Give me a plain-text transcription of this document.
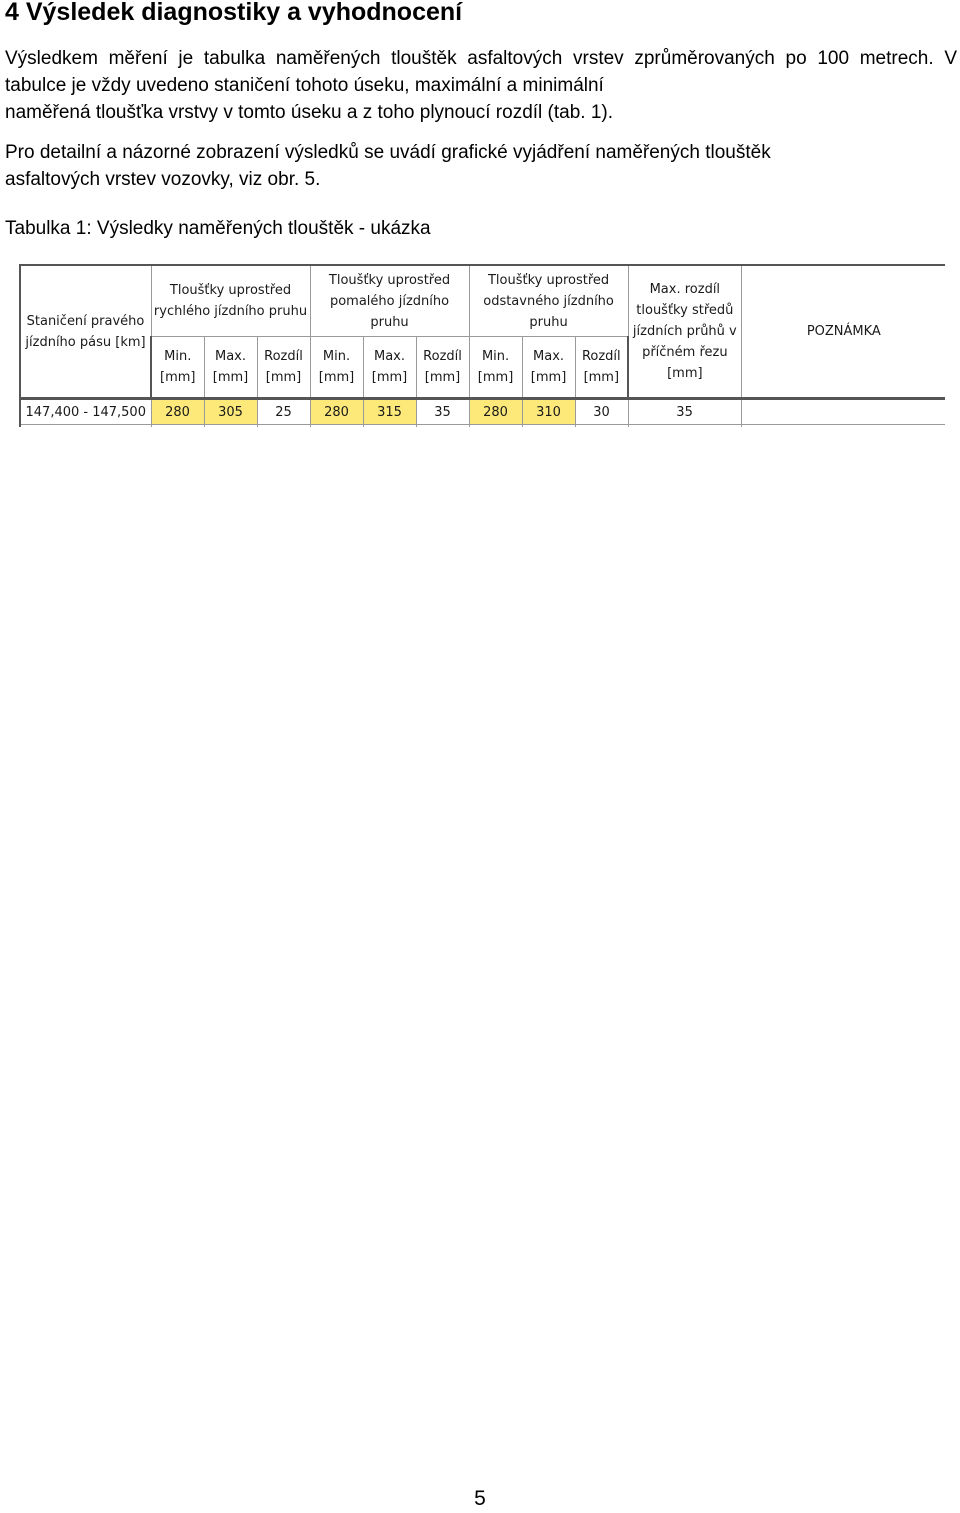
4 Výsledek diagnostiky a vyhodnocení

Výsledkem měření je tabulka naměřených tlouštěk asfaltových vrstev zprůměrovaných po 100 metrech. V tabulce je vždy uvedeno staničení tohoto úseku, maximální a minimální
naměřená tloušťka vrstvy v tomto úseku a z toho plynoucí rozdíl (tab. 1).

Pro detailní a názorné zobrazení výsledků se uvádí grafické vyjádření naměřených tlouštěk
asfaltových vrstev vozovky, viz obr. 5.

Tabulka 1: Výsledky naměřených tlouštěk - ukázka

Staničení pravého jízdního pásu [km]	Tloušťky uprostřed rychlého jízdního pruhu			Tloušťky uprostřed pomalého jízdního pruhu			Tloušťky uprostřed odstavného jízdního pruhu			Max. rozdíl tloušťky středů jízdních průhů v příčném řezu [mm]	POZNÁMKA
	Min. [mm]	Max. [mm]	Rozdíl [mm]	Min. [mm]	Max. [mm]	Rozdíl [mm]	Min. [mm]	Max. [mm]	Rozdíl [mm]		
147,400 - 147,500	280	305	25	280	315	35	280	310	30	35	

5
